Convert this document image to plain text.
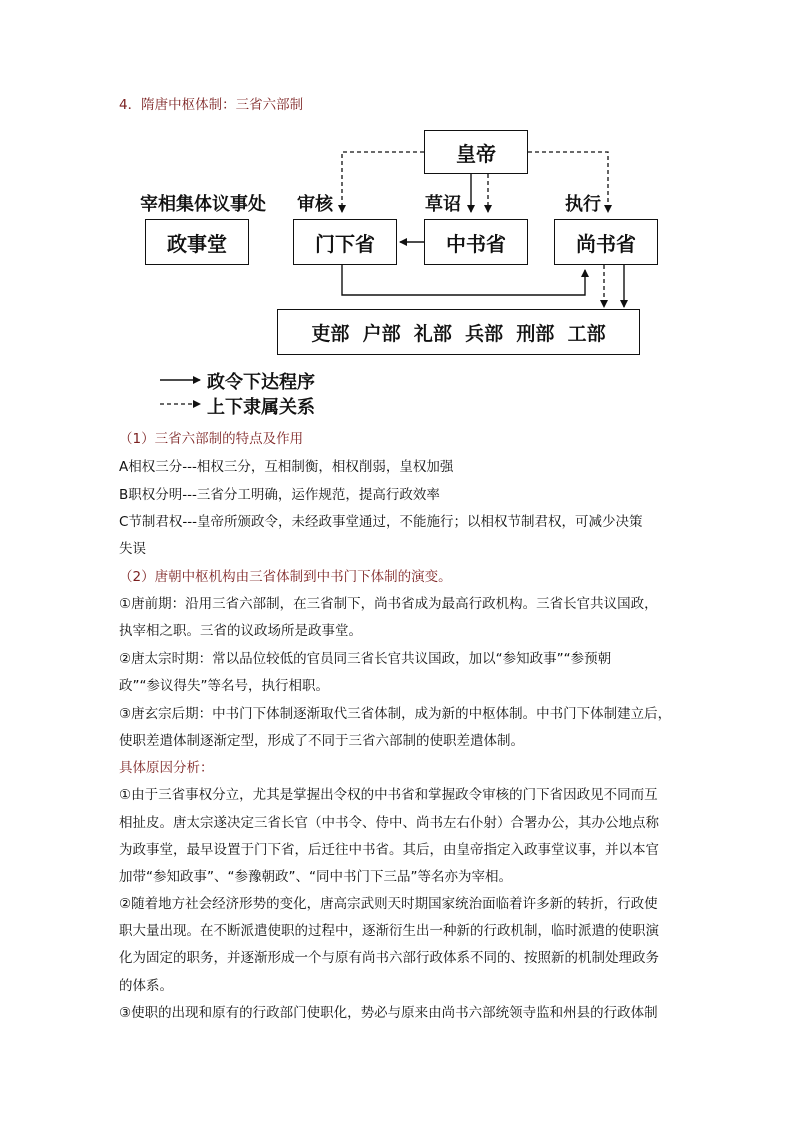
4．隋唐中枢体制：三省六部制
皇帝
宰相集体议事处 审核	草诏	执行
政事堂	门下省	中书省	尚书省
吏部  户部  礼部  兵部  刑部  工部
政令下达程序
上下隶属关系
（1）三省六部制的特点及作用
A相权三分---相权三分，互相制衡，相权削弱，皇权加强
B职权分明---三省分工明确，运作规范，提高行政效率
C节制君权---皇帝所颁政令，未经政事堂通过，不能施行；以相权节制君权，可减少决策
失误
（2）唐朝中枢机构由三省体制到中书门下体制的演变。
①唐前期：沿用三省六部制，在三省制下，尚书省成为最高行政机构。三省长官共议国政，
执宰相之职。三省的议政场所是政事堂。
②唐太宗时期：常以品位较低的官员同三省长官共议国政，加以“参知政事”“参预朝
政”“参议得失”等名号，执行相职。
③唐玄宗后期：中书门下体制逐渐取代三省体制，成为新的中枢体制。中书门下体制建立后，
使职差遣体制逐渐定型，形成了不同于三省六部制的使职差遣体制。
具体原因分析：
①由于三省事权分立，尤其是掌握出令权的中书省和掌握政令审核的门下省因政见不同而互
相扯皮。唐太宗遂决定三省长官（中书令、侍中、尚书左右仆射）合署办公，其办公地点称
为政事堂，最早设置于门下省，后迁往中书省。其后，由皇帝指定入政事堂议事，并以本官
加带“参知政事”、“参豫朝政”、“同中书门下三品”等名亦为宰相。
②随着地方社会经济形势的变化，唐高宗武则天时期国家统治面临着许多新的转折，行政使
职大量出现。在不断派遣使职的过程中，逐渐衍生出一种新的行政机制，临时派遣的使职演
化为固定的职务，并逐渐形成一个与原有尚书六部行政体系不同的、按照新的机制处理政务
的体系。
③使职的出现和原有的行政部门使职化，势必与原来由尚书六部统领寺监和州县的行政体制
